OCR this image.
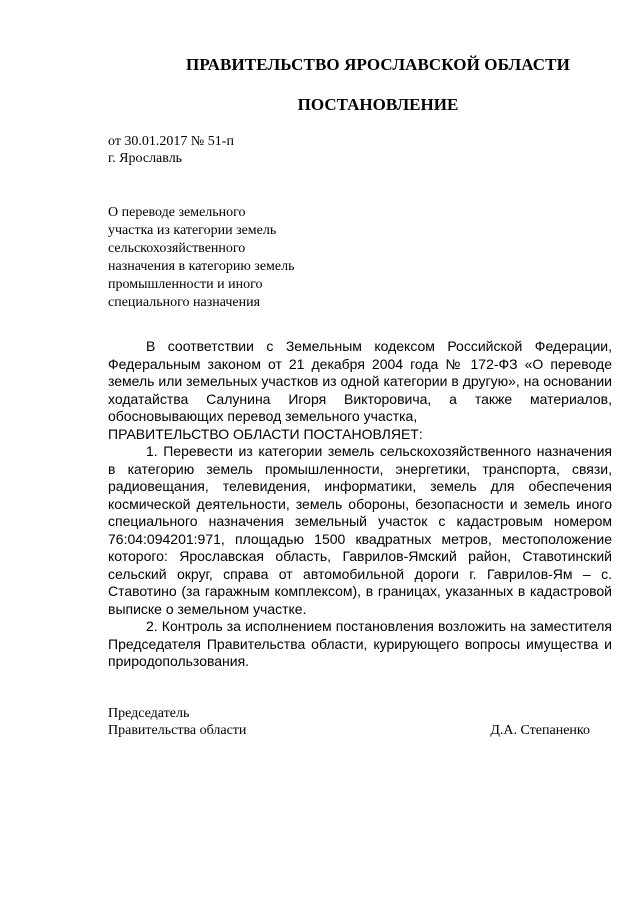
ПРАВИТЕЛЬСТВО ЯРОСЛАВСКОЙ ОБЛАСТИ
ПОСТАНОВЛЕНИЕ
от 30.01.2017 № 51-п
г. Ярославль
О переводе земельного
участка из категории земель
сельскохозяйственного
назначения в категорию земель
промышленности и иного
специального назначения

В соответствии с Земельным кодексом Российской Федерации, Федеральным законом от 21 декабря 2004 года № 172-ФЗ «О переводе земель или земельных участков из одной категории в другую», на основании ходатайства Салунина Игоря Викторовича, а также материалов, обосновывающих перевод земельного участка,

ПРАВИТЕЛЬСТВО ОБЛАСТИ ПОСТАНОВЛЯЕТ:

1. Перевести из категории земель сельскохозяйственного назначения в категорию земель промышленности, энергетики, транспорта, связи, радиовещания, телевидения, информатики, земель для обеспечения космической деятельности, земель обороны, безопасности и земель иного специального назначения земельный участок с кадастровым номером 76:04:094201:971, площадью 1500 квадратных метров, местоположение которого: Ярославская область, Гаврилов-Ямский район, Ставотинский сельский округ, справа от автомобильной дороги г. Гаврилов-Ям – с. Ставотино (за гаражным комплексом), в границах, указанных в кадастровой выписке о земельном участке.

2. Контроль за исполнением постановления возложить на заместителя Председателя Правительства области, курирующего вопросы имущества и природопользования.

Председатель
Правительства области	Д.А. Степаненко
